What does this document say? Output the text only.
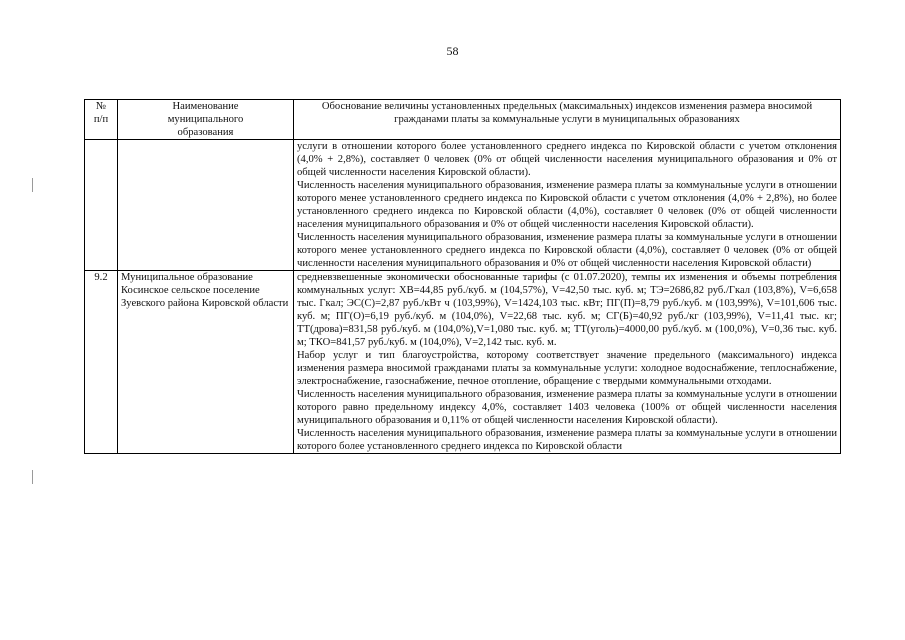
58
№
п/п	Наименование
муниципального
образования	Обоснование величины установленных предельных (максимальных) индексов изменения размера вносимой гражданами платы за коммунальные услуги в муниципальных образованиях

		услуги в отношении которого более установленного среднего индекса по Кировской области с учетом отклонения (4,0% + 2,8%), составляет 0 человек (0% от общей численности населения муниципального образования и 0% от общей численности населения Кировской области).

Численность населения муниципального образования, изменение размера платы за коммунальные услуги в отношении которого менее установленного среднего индекса по Кировской области с учетом отклонения (4,0% + 2,8%), но более установленного среднего индекса по Кировской области (4,0%), составляет 0 человек (0% от общей численности населения муниципального образования и 0% от общей численности населения Кировской области).

Численность населения муниципального образования, изменение размера платы за коммунальные услуги в отношении которого менее установленного среднего индекса по Кировской области (4,0%), составляет 0 человек (0% от общей численности населения муниципального образования и 0% от общей численности населения Кировской области)

9.2	Муниципальное образование Косинское сельское поселение Зуевского района Кировской области	средневзвешенные экономически обоснованные тарифы (с 01.07.2020), темпы их изменения и объемы потребления коммунальных услуг: ХВ=44,85 руб./куб. м (104,57%), V=42,50 тыс. куб. м; ТЭ=2686,82 руб./Гкал (103,8%), V=6,658 тыс. Гкал; ЭС(С)=2,87 руб./кВт ч (103,99%), V=1424,103 тыс. кВт; ПГ(П)=8,79 руб./куб. м (103,99%), V=101,606 тыс. куб. м; ПГ(О)=6,19 руб./куб. м (104,0%), V=22,68 тыс. куб. м; СГ(Б)=40,92 руб./кг (103,99%), V=11,41 тыс. кг; ТТ(дрова)=831,58 руб./куб. м (104,0%),V=1,080 тыс. куб. м; ТТ(уголь)=4000,00 руб./куб. м (100,0%), V=0,36 тыс. куб. м; ТКО=841,57 руб./куб. м (104,0%), V=2,142 тыс. куб. м.

Набор услуг и тип благоустройства, которому соответствует значение предельного (максимального) индекса изменения размера вносимой гражданами платы за коммунальные услуги: холодное водоснабжение, теплоснабжение, электроснабжение, газоснабжение, печное отопление, обращение с твердыми коммунальными отходами.

Численность населения муниципального образования, изменение размера платы за коммунальные услуги в отношении которого равно предельному индексу 4,0%, составляет 1403 человека (100% от общей численности населения муниципального образования и 0,11% от общей численности населения Кировской области).

Численность населения муниципального образования, изменение размера платы за коммунальные услуги в отношении которого более установленного среднего индекса по Кировской области
